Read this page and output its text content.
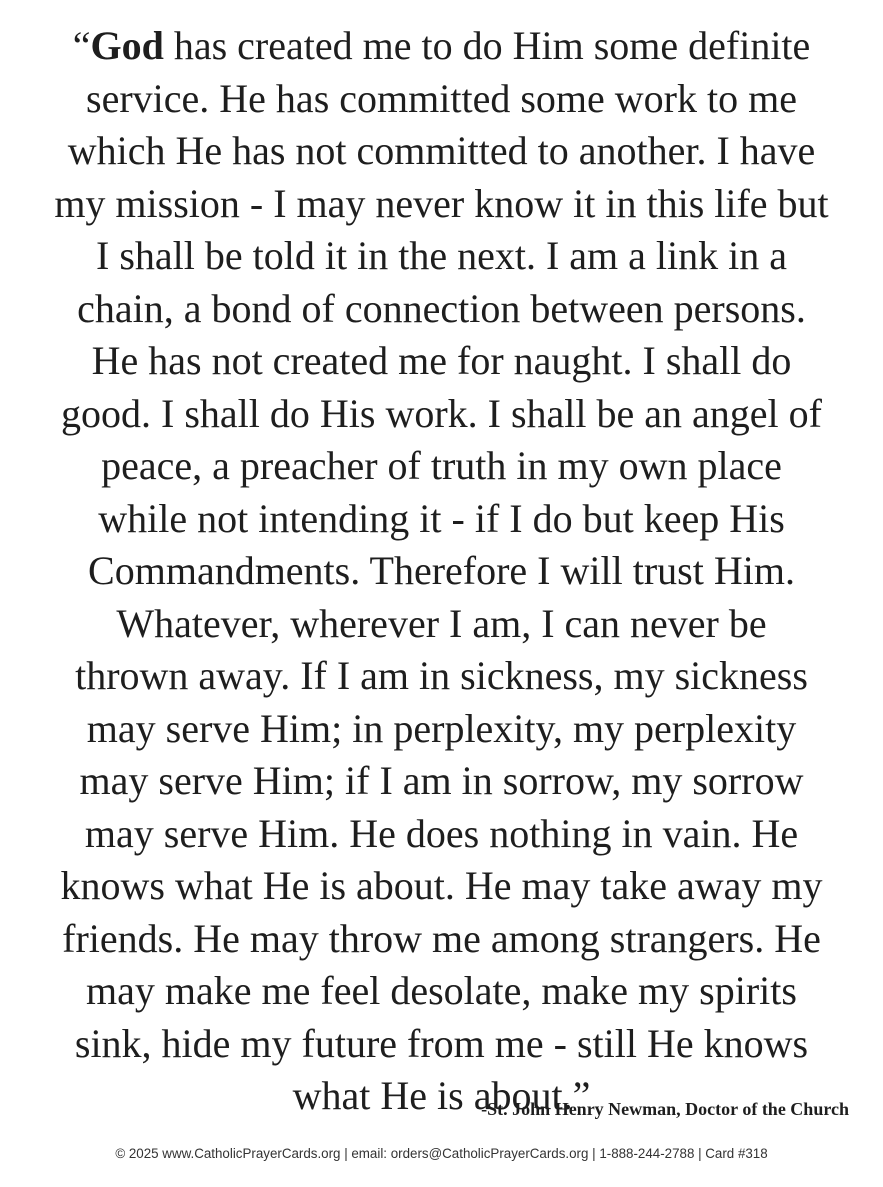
“God has created me to do Him some definite
service. He has committed some work to me
which He has not committed to another. I have
my mission - I may never know it in this life but
I shall be told it in the next. I am a link in a
chain, a bond of connection between persons.
He has not created me for naught. I shall do
good. I shall do His work. I shall be an angel of
peace, a preacher of truth in my own place
while not intending it - if I do but keep His
Commandments. Therefore I will trust Him.
Whatever, wherever I am, I can never be
thrown away. If I am in sickness, my sickness
may serve Him; in perplexity, my perplexity
may serve Him; if I am in sorrow, my sorrow
may serve Him. He does nothing in vain. He
knows what He is about. He may take away my
friends. He may throw me among strangers. He
may make me feel desolate, make my spirits
sink, hide my future from me - still He knows
what He is about.”

-St. John Henry Newman, Doctor of the Church

© 2025 www.CatholicPrayerCards.org | email: orders@CatholicPrayerCards.org | 1-888-244-2788 | Card #318
